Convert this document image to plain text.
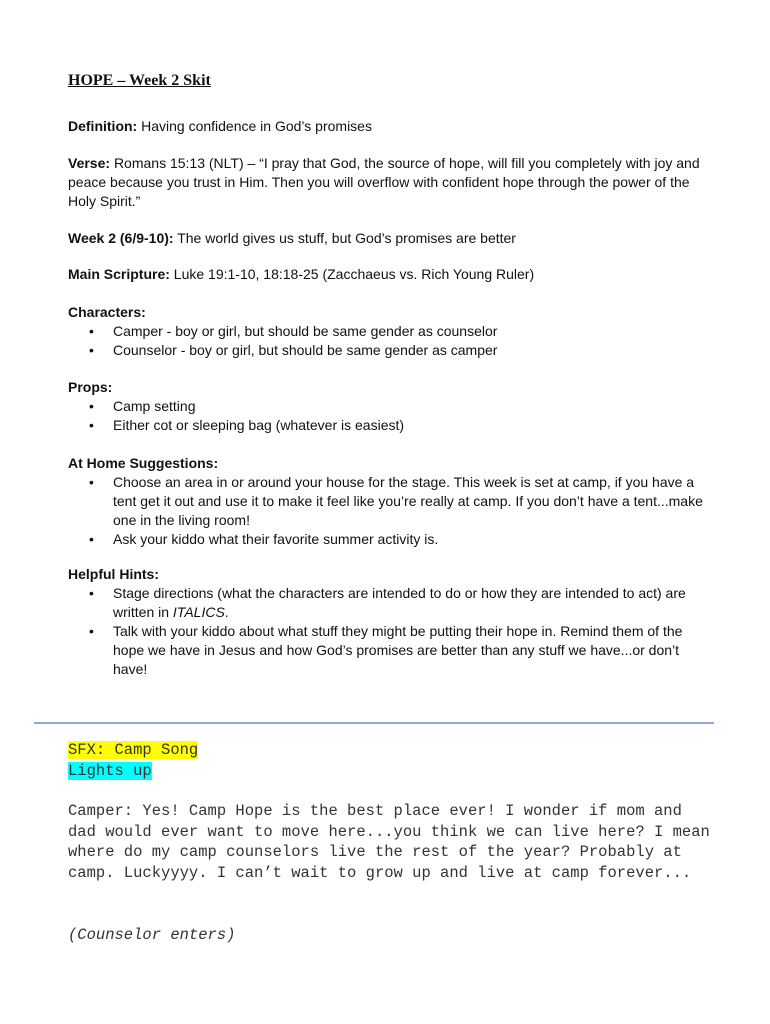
HOPE – Week 2 Skit
Definition: Having confidence in God’s promises
Verse: Romans 15:13 (NLT) – “I pray that God, the source of hope, will fill you completely with joy and peace because you trust in Him. Then you will overflow with confident hope through the power of the Holy Spirit.”
Week 2 (6/9-10): The world gives us stuff, but God’s promises are better
Main Scripture: Luke 19:1-10, 18:18-25 (Zacchaeus vs. Rich Young Ruler)
Characters:
• Camper - boy or girl, but should be same gender as counselor
• Counselor - boy or girl, but should be same gender as camper
Props:
• Camp setting
• Either cot or sleeping bag (whatever is easiest)
At Home Suggestions:
• Choose an area in or around your house for the stage. This week is set at camp, if you have a tent get it out and use it to make it feel like you’re really at camp. If you don’t have a tent...make one in the living room!
• Ask your kiddo what their favorite summer activity is.
Helpful Hints:
• Stage directions (what the characters are intended to do or how they are intended to act) are written in ITALICS.
• Talk with your kiddo about what stuff they might be putting their hope in. Remind them of the hope we have in Jesus and how God’s promises are better than any stuff we have...or don’t have!
SFX: Camp Song
Lights up
Camper: Yes! Camp Hope is the best place ever! I wonder if mom and dad would ever want to move here...you think we can live here? I mean where do my camp counselors live the rest of the year? Probably at camp. Luckyyyy. I can’t wait to grow up and live at camp forever...
(Counselor enters)
